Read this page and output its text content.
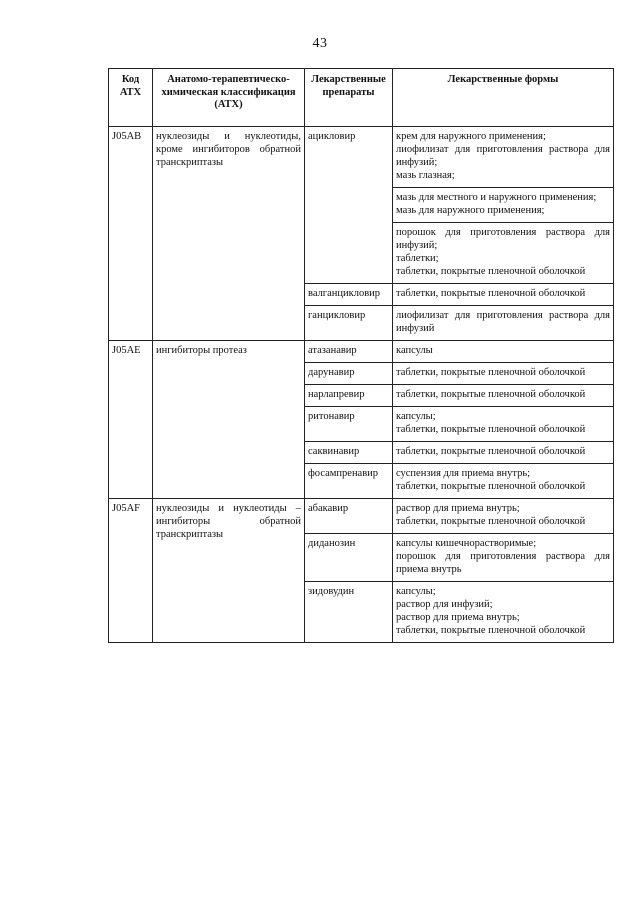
43
Код АТХ	Анатомо-терапевтическо-химическая классификация (АТХ)	Лекарственные препараты	Лекарственные формы
J05AB	нуклеозиды и нуклеотиды, кроме ингибиторов обратной транскриптазы	ацикловир	крем для наружного применения;
лиофилизат для приготовления раствора для инфузий;
мазь глазная;

			мазь для местного и наружного применения;
мазь для наружного применения;

			порошок для приготовления раствора для инфузий;
таблетки;
таблетки, покрытые пленочной оболочкой

		валганцикловир	таблетки, покрытые пленочной оболочкой

		ганцикловир	лиофилизат для приготовления раствора для инфузий

J05AE	ингибиторы протеаз	атазанавир	капсулы

		дарунавир	таблетки, покрытые пленочной оболочкой

		нарлапревир	таблетки, покрытые пленочной оболочкой

		ритонавир	капсулы;
таблетки, покрытые пленочной оболочкой

		саквинавир	таблетки, покрытые пленочной оболочкой

		фосампренавир	суспензия для приема внутрь;
таблетки, покрытые пленочной оболочкой

J05AF	нуклеозиды и нуклеотиды – ингибиторы обратной транскриптазы	абакавир	раствор для приема внутрь;
таблетки, покрытые пленочной оболочкой

		диданозин	капсулы кишечнорастворимые;
порошок для приготовления раствора для приема внутрь

		зидовудин	капсулы;
раствор для инфузий;
раствор для приема внутрь;
таблетки, покрытые пленочной оболочкой
